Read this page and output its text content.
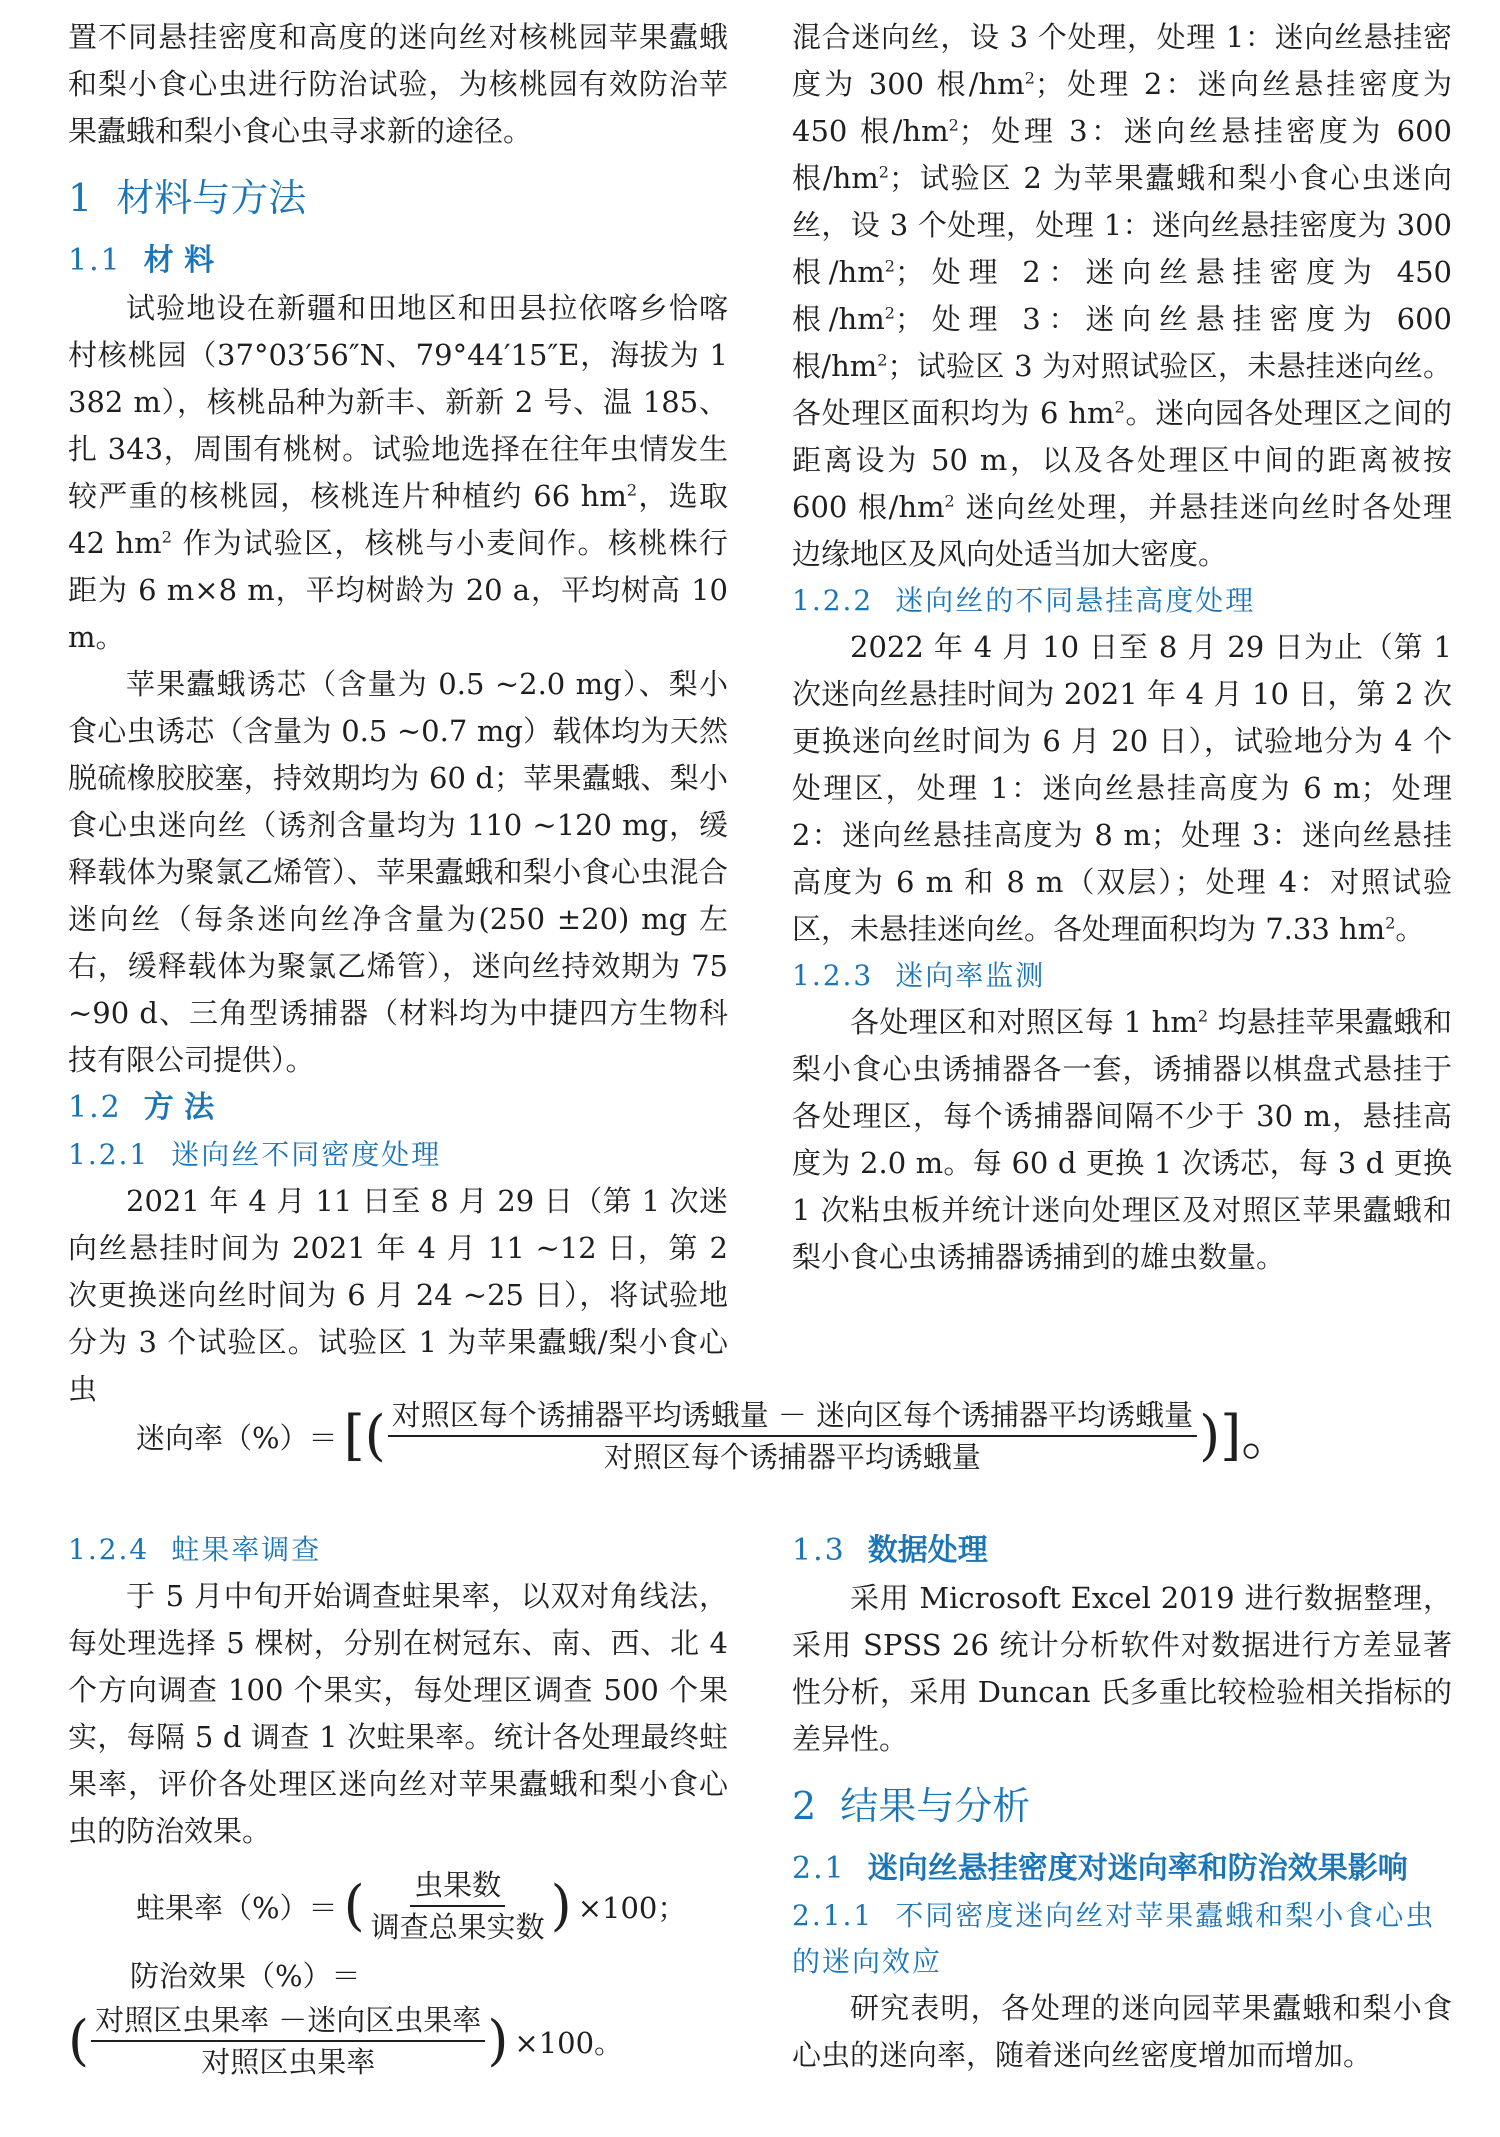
置不同悬挂密度和高度的迷向丝对核桃园苹果蠹蛾和梨小食心虫进行防治试验，为核桃园有效防治苹果蠹蛾和梨小食心虫寻求新的途径。

1 材料与方法
1.1 材 料

试验地设在新疆和田地区和田县拉依喀乡恰喀村核桃园（37°03′56″N、79°44′15″E，海拔为 1 382 m），核桃品种为新丰、新新 2 号、温 185、扎 343，周围有桃树。试验地选择在往年虫情发生较严重的核桃园，核桃连片种植约 66 $hm^2$，选取 42 $hm^2$ 作为试验区，核桃与小麦间作。核桃株行距为 6 m×8 m，平均树龄为 20 a，平均树高 10 m。

苹果蠹蛾诱芯（含量为 0.5 ~2.0 mg）、梨小食心虫诱芯（含量为 0.5 ~0.7 mg）载体均为天然脱硫橡胶胶塞，持效期均为 60 d；苹果蠹蛾、梨小食心虫迷向丝（诱剂含量均为 110 ~120 mg，缓释载体为聚氯乙烯管）、苹果蠹蛾和梨小食心虫混合迷向丝（每条迷向丝净含量为(250 ±20) mg 左右，缓释载体为聚氯乙烯管），迷向丝持效期为 75 ~90 d、三角型诱捕器（材料均为中捷四方生物科技有限公司提供）。

1.2 方 法
1.2.1 迷向丝不同密度处理

2021 年 4 月 11 日至 8 月 29 日（第 1 次迷向丝悬挂时间为 2021 年 4 月 11 ~12 日，第 2 次更换迷向丝时间为 6 月 24 ~25 日），将试验地分为 3 个试验区。试验区 1 为苹果蠹蛾/梨小食心虫

混合迷向丝，设 3 个处理，处理 1：迷向丝悬挂密度为 300 根$/hm^2$；处理 2：迷向丝悬挂密度为 450 根$/hm^2$；处理 3：迷向丝悬挂密度为 600 根$/hm^2$；试验区 2 为苹果蠹蛾和梨小食心虫迷向丝，设 3 个处理，处理 1：迷向丝悬挂密度为 300 根$/hm^2$；处理 2：迷向丝悬挂密度为 450 根$/hm^2$；处理 3：迷向丝悬挂密度为 600 根$/hm^2$；试验区 3 为对照试验区，未悬挂迷向丝。各处理区面积均为 6 $hm^2$。迷向园各处理区之间的距离设为 50 m，以及各处理区中间的距离被按 600 根$/hm^2$ 迷向丝处理，并悬挂迷向丝时各处理边缘地区及风向处适当加大密度。

1.2.2 迷向丝的不同悬挂高度处理

2022 年 4 月 10 日至 8 月 29 日为止（第 1 次迷向丝悬挂时间为 2021 年 4 月 10 日，第 2 次更换迷向丝时间为 6 月 20 日），试验地分为 4 个处理区，处理 1：迷向丝悬挂高度为 6 m；处理 2：迷向丝悬挂高度为 8 m；处理 3：迷向丝悬挂高度为 6 m 和 8 m（双层）；处理 4：对照试验区，未悬挂迷向丝。各处理面积均为 7.33 $hm^2$。

1.2.3 迷向率监测

各处理区和对照区每 1 $hm^2$ 均悬挂苹果蠹蛾和梨小食心虫诱捕器各一套，诱捕器以棋盘式悬挂于各处理区，每个诱捕器间隔不少于 30 m，悬挂高度为 2.0 m。每 60 d 更换 1 次诱芯，每 3 d 更换 1 次粘虫板并统计迷向处理区及对照区苹果蠹蛾和梨小食心虫诱捕器诱捕到的雄虫数量。

迷向率（%）＝ [( $\frac{\text{对照区每个诱捕器平均诱蛾量 － 迷向区每个诱捕器平均诱蛾量}}{\text{对照区每个诱捕器平均诱蛾量}}$ )]。
1.2.4 蛀果率调查

于 5 月中旬开始调查蛀果率，以双对角线法，每处理选择 5 棵树，分别在树冠东、南、西、北 4 个方向调查 100 个果实，每处理区调查 500 个果实，每隔 5 d 调查 1 次蛀果率。统计各处理最终蛀果率，评价各处理区迷向丝对苹果蠹蛾和梨小食心虫的防治效果。

蛀果率（%）＝ ( $\frac{\text{虫果数}}{\text{调查总果实数}}$ ) ×100；

防治效果（%）＝

( $\frac{\text{对照区虫果率 －迷向区虫果率}}{\text{对照区虫果率}}$ ) ×100。
1.3 数据处理

采用 Microsoft Excel 2019 进行数据整理，采用 SPSS 26 统计分析软件对数据进行方差显著性分析，采用 Duncan 氏多重比较检验相关指标的差异性。

2 结果与分析
2.1 迷向丝悬挂密度对迷向率和防治效果影响
2.1.1 不同密度迷向丝对苹果蠹蛾和梨小食心虫的迷向效应

研究表明，各处理的迷向园苹果蠹蛾和梨小食心虫的迷向率，随着迷向丝密度增加而增加。
